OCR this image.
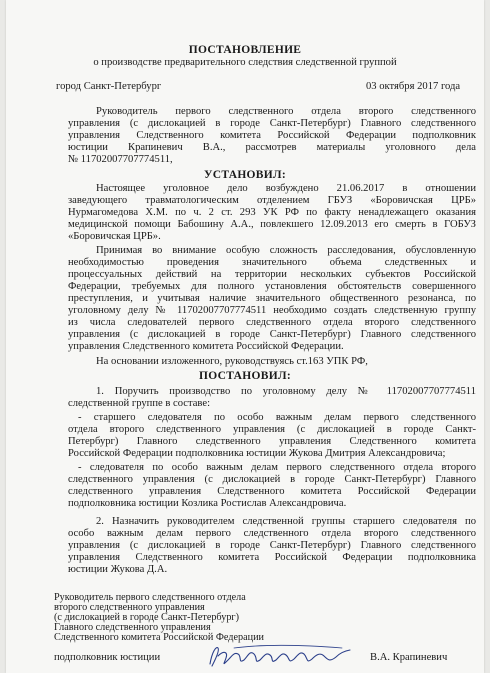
ПОСТАНОВЛЕНИЕ
о производстве предварительного следствия следственной группой
город Санкт-Петербург	03 октября 2017 года
Руководитель первого следственного отдела второго следственного
управления (с дислокацией в городе Санкт-Петербург) Главного следственного
управления Следственного комитета Российской Федерации подполковник
юстиции Крапиневич В.А., рассмотрев материалы уголовного дела
№ 11702007707774511,
УСТАНОВИЛ:
Настоящее уголовное дело возбуждено 21.06.2017 в отношении
заведующего травматологическим отделением ГБУЗ «Боровичская ЦРБ»
Нурмагомедова Х.М. по ч. 2 ст. 293 УК РФ по факту ненадлежащего оказания
медицинской помощи Бабошину А.А., повлекшего 12.09.2013 его смерть в ГОБУЗ
«Боровичская ЦРБ».
Принимая во внимание особую сложность расследования, обусловленную
необходимостью проведения значительного объема следственных и
процессуальных действий на территории нескольких субъектов Российской
Федерации, требуемых для полного установления обстоятельств совершенного
преступления, и учитывая наличие значительного общественного резонанса, по
уголовному делу № 11702007707774511 необходимо создать следственную группу
из числа следователей первого следственного отдела второго следственного
управления (с дислокацией в городе Санкт-Петербург) Главного следственного
управления Следственного комитета Российской Федерации.
На основании изложенного, руководствуясь ст.163 УПК РФ,
ПОСТАНОВИЛ:
1. Поручить производство по уголовному делу № 11702007707774511
следственной группе в составе:
- старшего следователя по особо важным делам первого следственного
отдела второго следственного управления (с дислокацией в городе Санкт-
Петербург) Главного следственного управления Следственного комитета
Российской Федерации подполковника юстиции Жукова Дмитрия Александровича;
- следователя по особо важным делам первого следственного отдела второго
следственного управления (с дислокацией в городе Санкт-Петербург) Главного
следственного управления Следственного комитета Российской Федерации
подполковника юстиции Козлика Ростислав Александровича.
2. Назначить руководителем следственной группы старшего следователя по
особо важным делам первого следственного отдела второго следственного
управления (с дислокацией в городе Санкт-Петербург) Главного следственного
управления Следственного комитета Российской Федерации подполковника
юстиции Жукова Д.А.
Руководитель первого следственного отдела
второго следственного управления
(с дислокацией в городе Санкт-Петербург)
Главного следственного управления
Следственного комитета Российской Федерации
подполковник юстиции	В.А. Крапиневич
